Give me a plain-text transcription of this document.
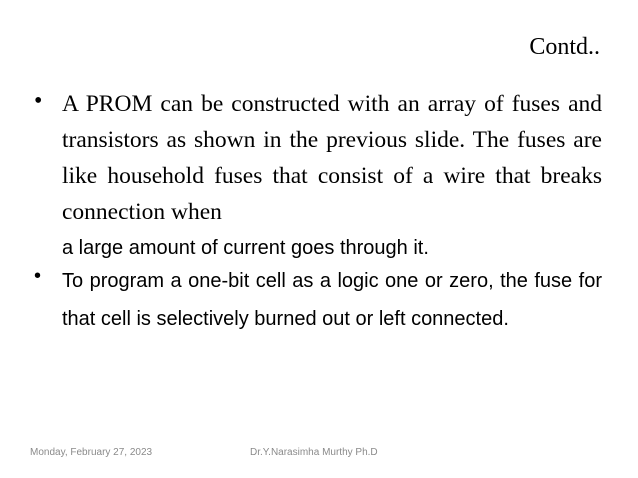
Contd..
• A PROM can be constructed with an array of fuses and transistors as shown in the previous slide. The fuses are like household fuses that consist of a wire that breaks connection when
a large amount of current goes through it.
• To program a one-bit cell as a logic one or zero, the fuse for that cell is selectively burned out or left connected.
Monday, February 27, 2023	Dr.Y.Narasimha Murthy Ph.D
